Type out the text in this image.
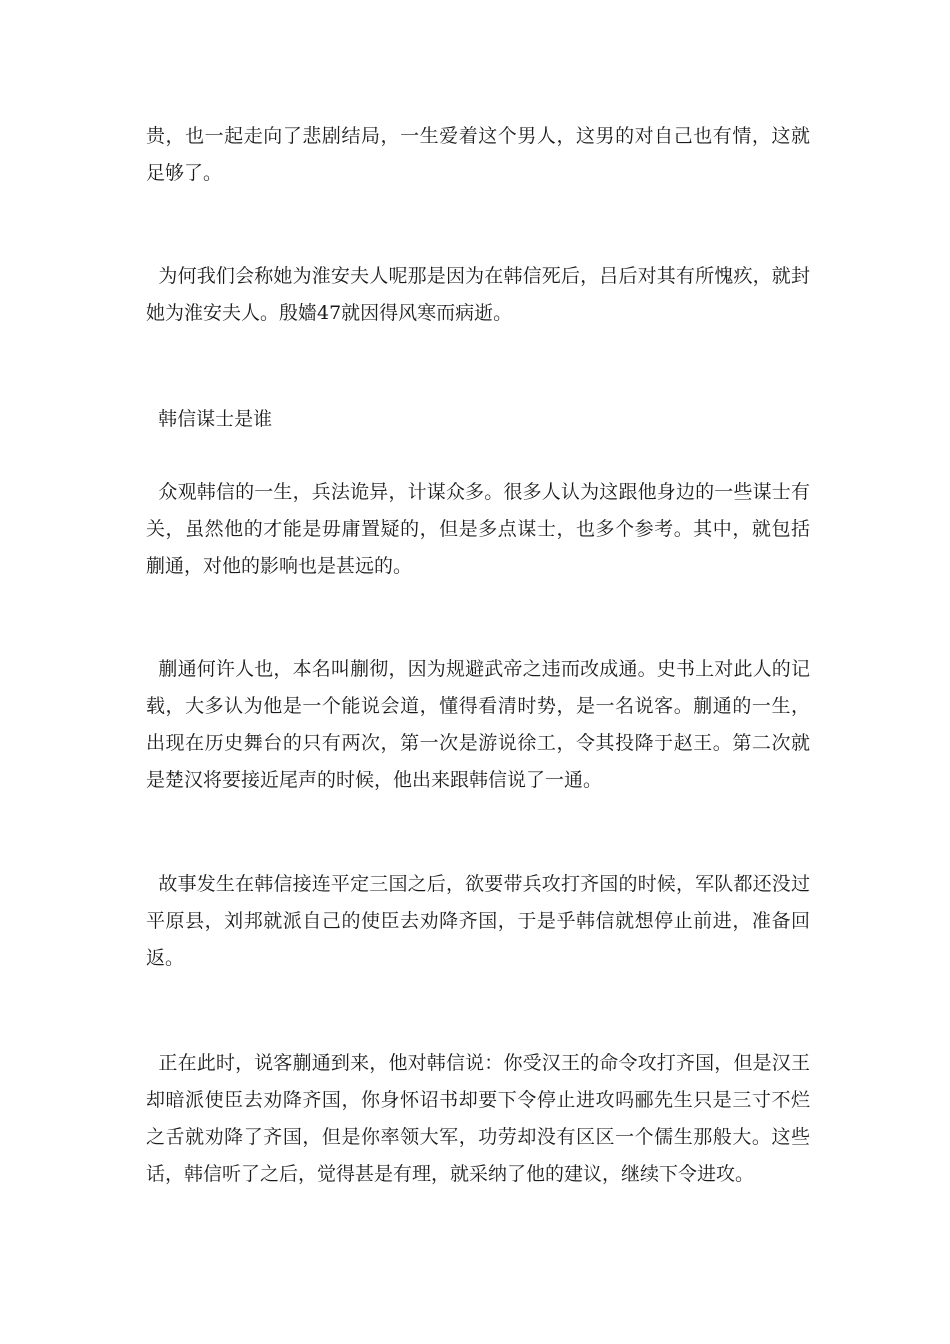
贵，也一起走向了悲剧结局，一生爱着这个男人，这男的对自己也有情，这就足够了。

为何我们会称她为淮安夫人呢那是因为在韩信死后，吕后对其有所愧疚，就封她为淮安夫人。殷嬙47就因得风寒而病逝。

韩信谋士是谁

众观韩信的一生，兵法诡异，计谋众多。很多人认为这跟他身边的一些谋士有关，虽然他的才能是毋庸置疑的，但是多点谋士，也多个参考。其中，就包括蒯通，对他的影响也是甚远的。

蒯通何许人也，本名叫蒯彻，因为规避武帝之违而改成通。史书上对此人的记载，大多认为他是一个能说会道，懂得看清时势，是一名说客。蒯通的一生，出现在历史舞台的只有两次，第一次是游说徐工，令其投降于赵王。第二次就是楚汉将要接近尾声的时候，他出来跟韩信说了一通。

故事发生在韩信接连平定三国之后，欲要带兵攻打齐国的时候，军队都还没过平原县，刘邦就派自己的使臣去劝降齐国，于是乎韩信就想停止前进，准备回返。

正在此时，说客蒯通到来，他对韩信说：你受汉王的命令攻打齐国，但是汉王却暗派使臣去劝降齐国，你身怀诏书却要下令停止进攻吗郦先生只是三寸不烂之舌就劝降了齐国，但是你率领大军，功劳却没有区区一个儒生那般大。这些话，韩信听了之后，觉得甚是有理，就采纳了他的建议，继续下令进攻。
